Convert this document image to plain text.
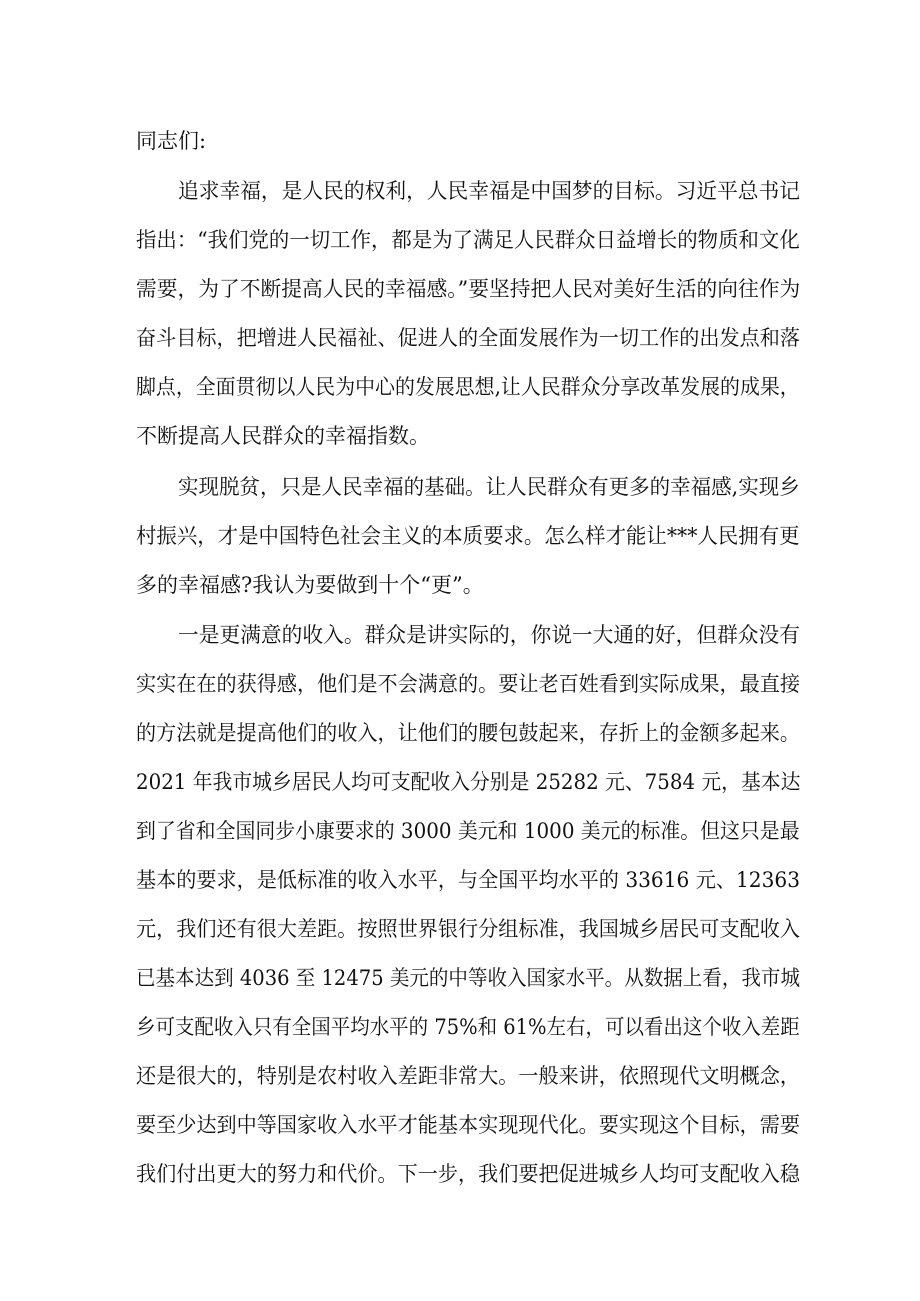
同志们:

追求幸福，是人民的权利，人民幸福是中国梦的目标。习近平总书记

指出：“我们党的一切工作，都是为了满足人民群众日益增长的物质和文化

需要，为了不断提高人民的幸福感。”要坚持把人民对美好生活的向往作为

奋斗目标，把增进人民福祉、促进人的全面发展作为一切工作的出发点和落

脚点，全面贯彻以人民为中心的发展思想,让人民群众分享改革发展的成果，

不断提高人民群众的幸福指数。

实现脱贫，只是人民幸福的基础。让人民群众有更多的幸福感,实现乡

村振兴，才是中国特色社会主义的本质要求。怎么样才能让***人民拥有更

多的幸福感?我认为要做到十个“更”。

一是更满意的收入。群众是讲实际的，你说一大通的好，但群众没有

实实在在的获得感，他们是不会满意的。要让老百姓看到实际成果，最直接

的方法就是提高他们的收入，让他们的腰包鼓起来，存折上的金额多起来。

2021 年我市城乡居民人均可支配收入分别是 25282 元、7584 元，基本达

到了省和全国同步小康要求的 3000 美元和 1000 美元的标准。但这只是最

基本的要求，是低标准的收入水平，与全国平均水平的 33616 元、12363

元，我们还有很大差距。按照世界银行分组标准，我国城乡居民可支配收入

已基本达到 4036 至 12475 美元的中等收入国家水平。从数据上看，我市城

乡可支配收入只有全国平均水平的 75%和 61%左右，可以看出这个收入差距

还是很大的，特别是农村收入差距非常大。一般来讲，依照现代文明概念，

要至少达到中等国家收入水平才能基本实现现代化。要实现这个目标，需要

我们付出更大的努力和代价。下一步，我们要把促进城乡人均可支配收入稳
